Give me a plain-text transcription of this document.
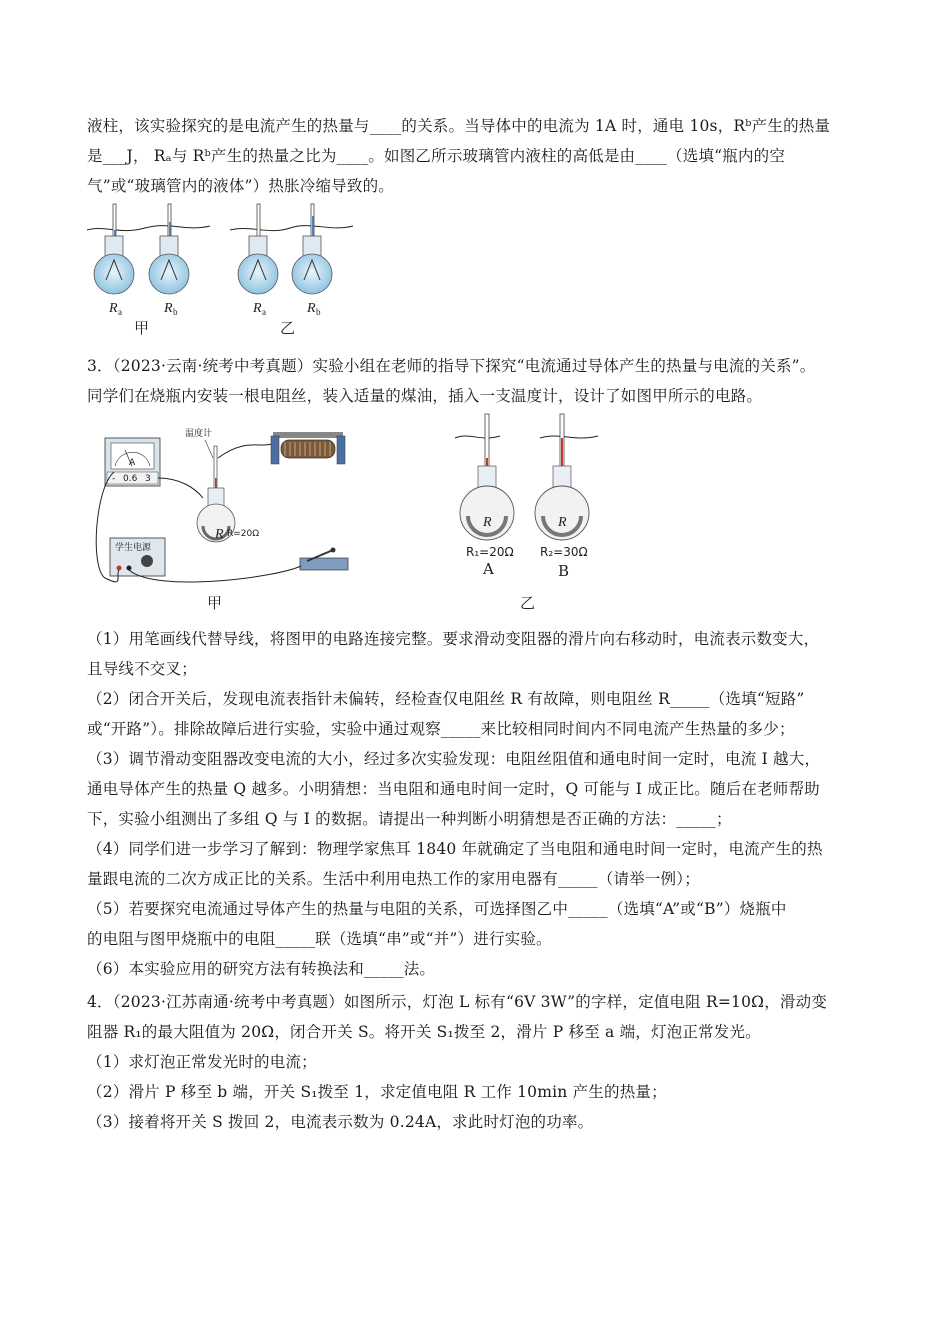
液柱，该实验探究的是电流产生的热量与____的关系。当导体中的电流为 1A 时，通电 10s，Rᵇ产生的热量
是___J， Rₐ与 Rᵇ产生的热量之比为____。如图乙所示玻璃管内液柱的高低是由____（选填“瓶内的空
气”或“玻璃管内的液体”）热胀冷缩导致的。
R a	R b	R a	R b
甲	乙
3．（2023·云南·统考中考真题）实验小组在老师的指导下探究“电流通过导体产生的热量与电流的关系”。
同学们在烧瓶内安装一根电阻丝，装入适量的煤油，插入一支温度计，设计了如图甲所示的电路。
A
- 0.6 3
温度计
R R=20Ω
学生电源
甲
R	R
R₁=20Ω R₂=30Ω
A	B
乙
（1）用笔画线代替导线，将图甲的电路连接完整。要求滑动变阻器的滑片向右移动时，电流表示数变大，
且导线不交叉；
（2）闭合开关后，发现电流表指针未偏转，经检查仅电阻丝 R 有故障，则电阻丝 R_____（选填“短路”
或“开路”）。排除故障后进行实验，实验中通过观察_____来比较相同时间内不同电流产生热量的多少；
（3）调节滑动变阻器改变电流的大小，经过多次实验发现：电阻丝阻值和通电时间一定时，电流 I 越大，
通电导体产生的热量 Q 越多。小明猜想：当电阻和通电时间一定时，Q 可能与 I 成正比。随后在老师帮助
下，实验小组测出了多组 Q 与 I 的数据。请提出一种判断小明猜想是否正确的方法：_____；
（4）同学们进一步学习了解到：物理学家焦耳 1840 年就确定了当电阻和通电时间一定时，电流产生的热
量跟电流的二次方成正比的关系。生活中利用电热工作的家用电器有_____（请举一例）；
（5）若要探究电流通过导体产生的热量与电阻的关系，可选择图乙中_____（选填“A”或“B”）烧瓶中
的电阻与图甲烧瓶中的电阻_____联（选填“串”或“并”）进行实验。
（6）本实验应用的研究方法有转换法和_____法。
4．（2023·江苏南通·统考中考真题）如图所示，灯泡 L 标有“6V 3W”的字样，定值电阻 R=10Ω，滑动变
阻器 R₁的最大阻值为 20Ω，闭合开关 S。将开关 S₁拨至 2，滑片 P 移至 a 端，灯泡正常发光。
（1）求灯泡正常发光时的电流；
（2）滑片 P 移至 b 端，开关 S₁拨至 1，求定值电阻 R 工作 10min 产生的热量；
（3）接着将开关 S 拨回 2，电流表示数为 0.24A，求此时灯泡的功率。
